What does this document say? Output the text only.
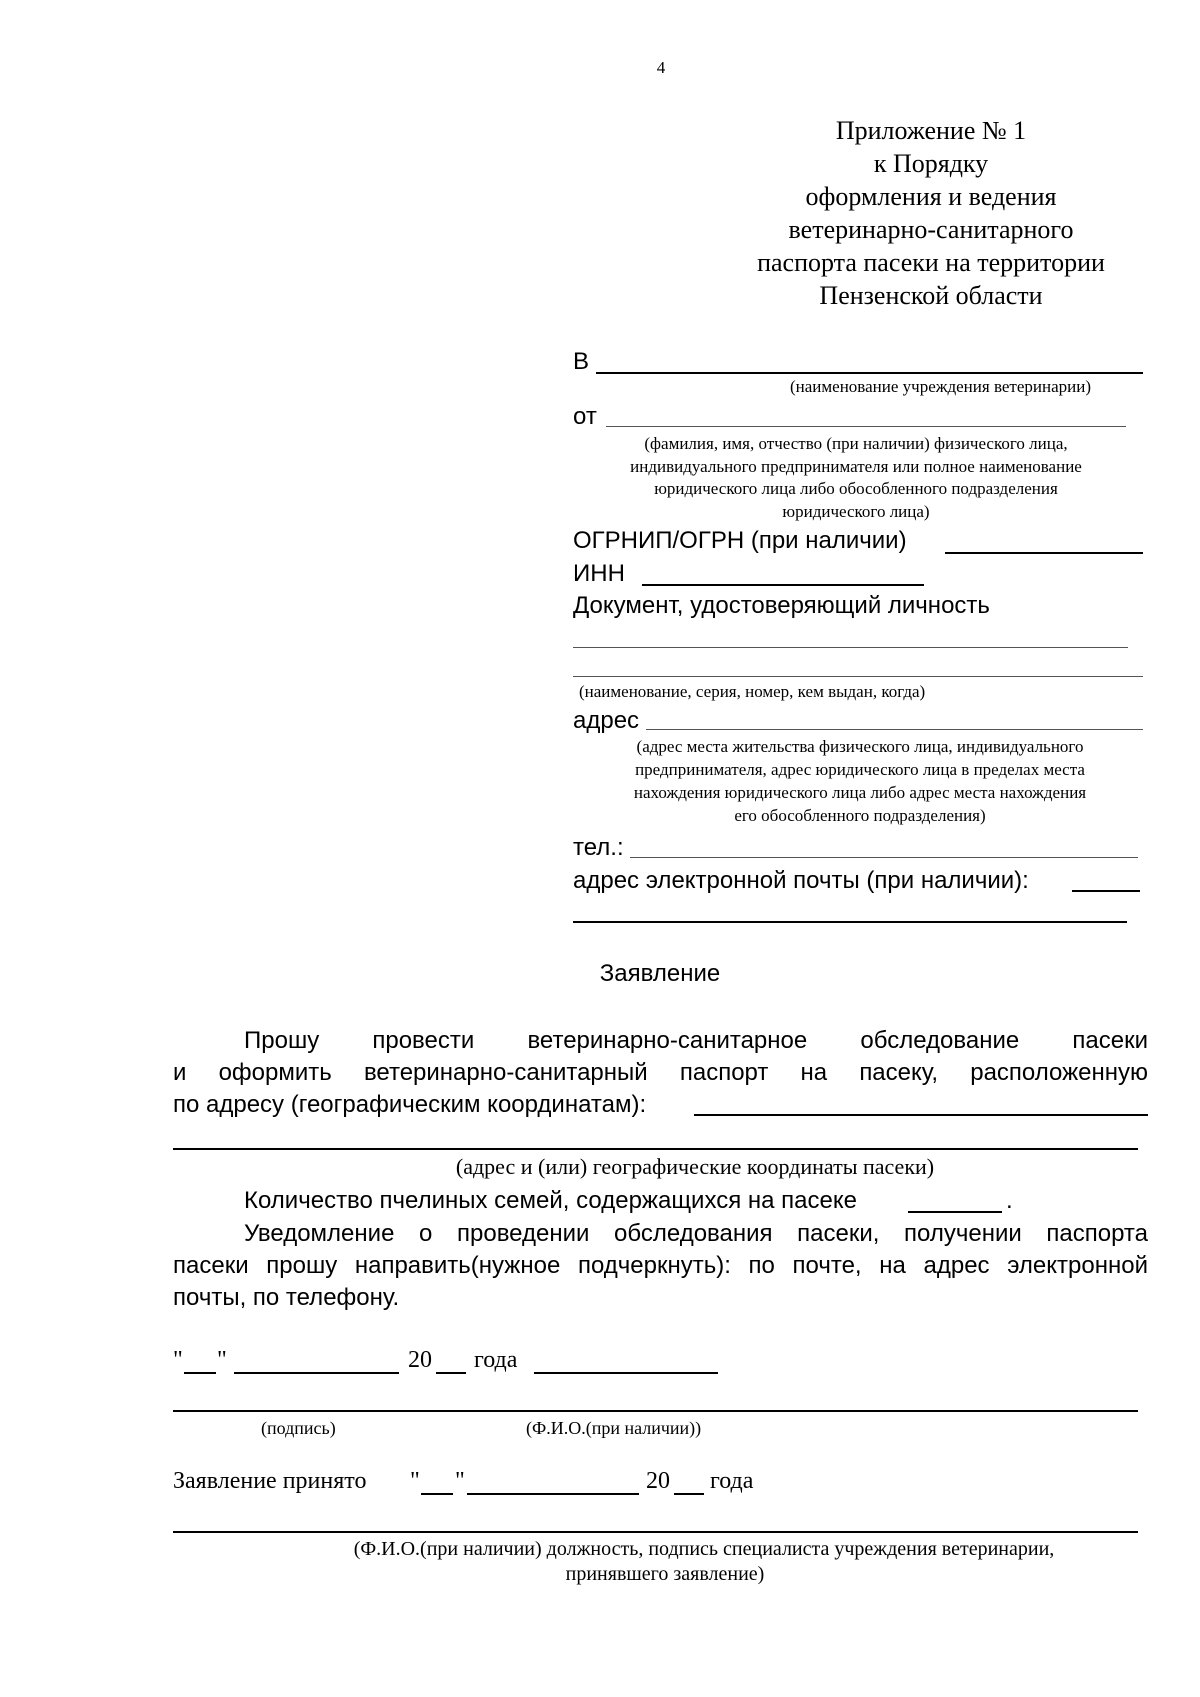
4
Приложение № 1
к Порядку
оформления и ведения
ветеринарно-санитарного
паспорта пасеки на территории
Пензенской области
В
(наименование учреждения ветеринарии)
от
(фамилия, имя, отчество (при наличии) физического лица,
индивидуального предпринимателя или полное наименование
юридического лица либо обособленного подразделения
юридического лица)
ОГРНИП/ОГРН (при наличии)
ИНН
Документ, удостоверяющий личность
(наименование, серия, номер, кем выдан, когда)
адрес
(адрес места жительства физического лица, индивидуального
предпринимателя, адрес юридического лица в пределах места
нахождения юридического лица либо адрес места нахождения
его обособленного подразделения)
тел.:
адрес электронной почты (при наличии):
Заявление
Прошу провести ветеринарно-санитарное обследование пасеки
и оформить ветеринарно-санитарный паспорт на пасеку, расположенную
по адресу (географическим координатам):
(адрес и (или) географические координаты пасеки)
Количество пчелиных семей, содержащихся на пасеке	.
Уведомление о проведении обследования пасеки, получении паспорта
пасеки прошу направить(нужное подчеркнуть): по почте, на адрес электронной
почты, по телефону.
" "	20 года
(подпись)	(Ф.И.О.(при наличии))
Заявление принято " "	20 года
(Ф.И.О.(при наличии) должность, подпись специалиста учреждения ветеринарии,
принявшего заявление)
